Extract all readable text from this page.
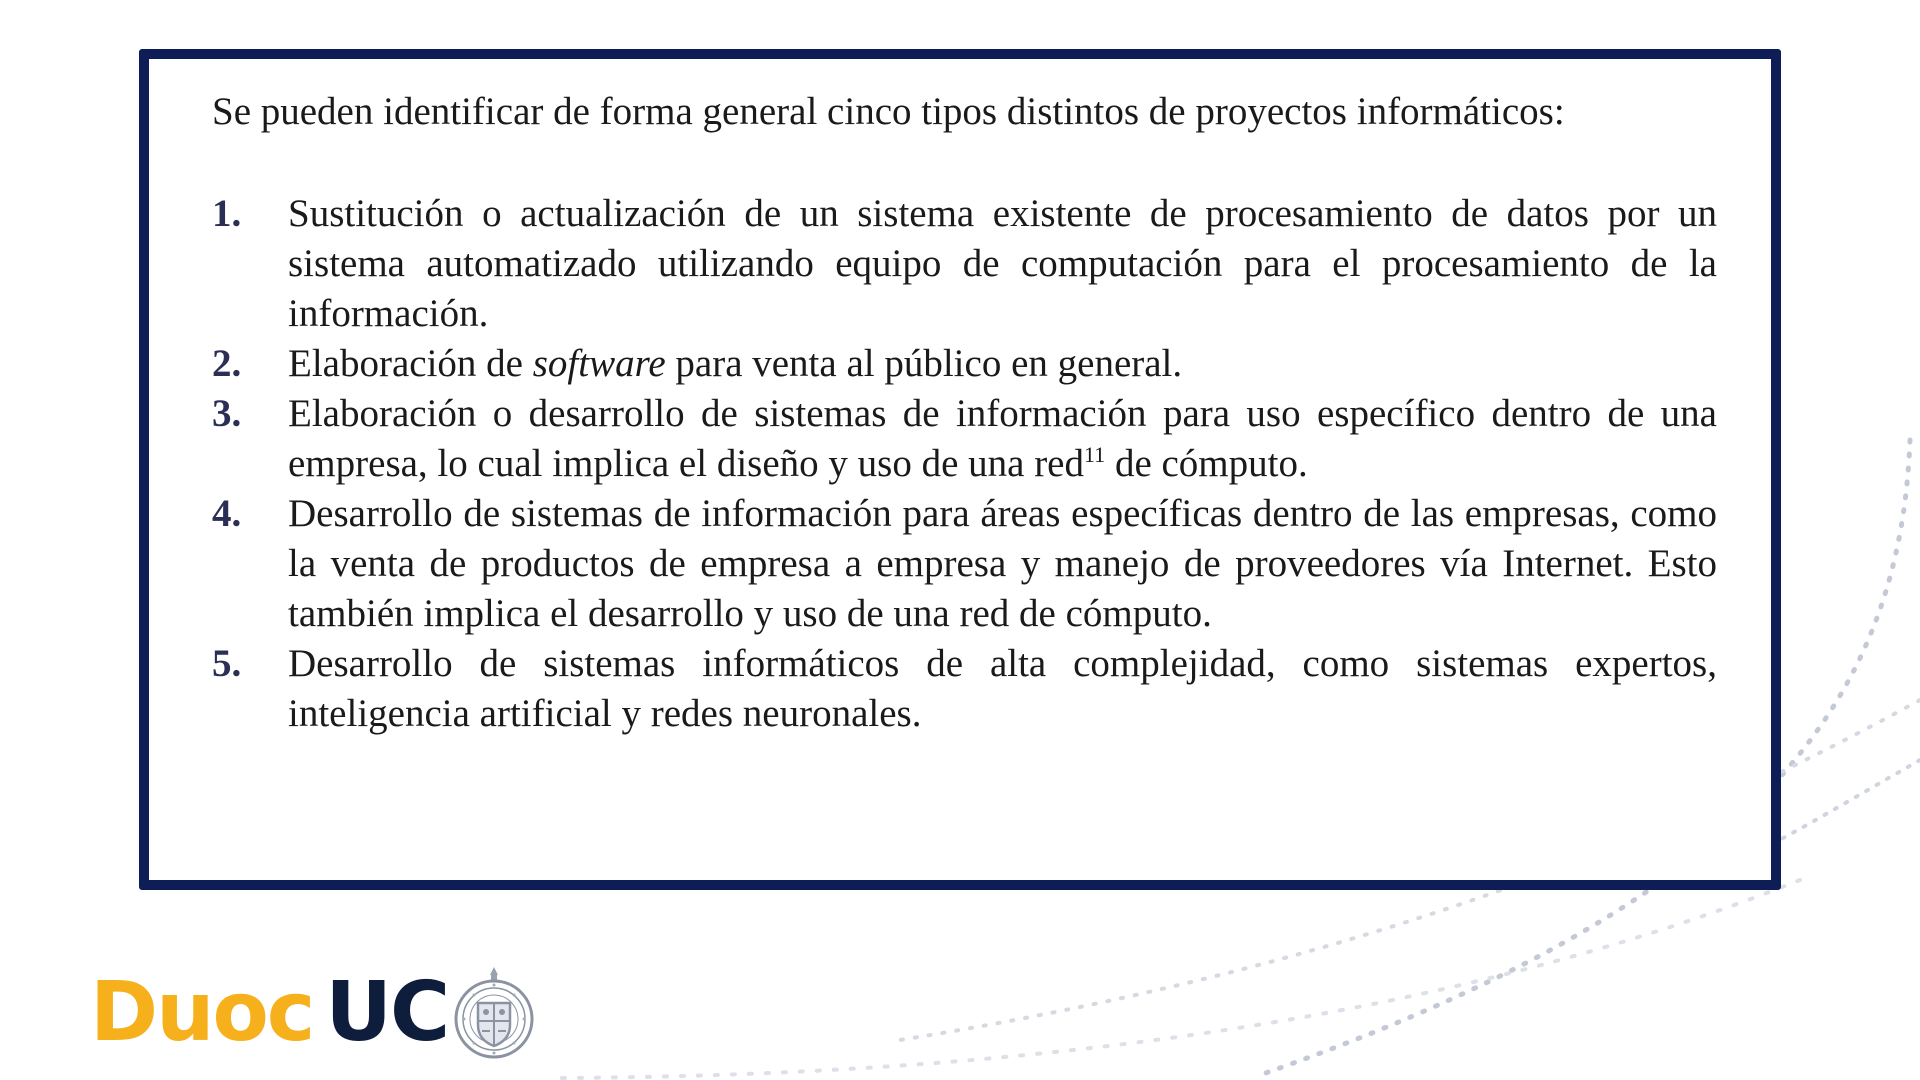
Se pueden identificar de forma general cinco tipos distintos de proyectos informáticos:

1.	Sustitución o actualización de un sistema existente de procesamiento de datos por un sistema automatizado utilizando equipo de computación para el procesamiento de la información.
2.	Elaboración de software para venta al público en general.
3.	Elaboración o desarrollo de sistemas de información para uso específico dentro de una empresa, lo cual implica el diseño y uso de una red$^{11}$ de cómputo.
4.	Desarrollo de sistemas de información para áreas específicas dentro de las empresas, como la venta de productos de empresa a empresa y manejo de proveedores vía Internet. Esto también implica el desarrollo y uso de una red de cómputo.
5.	Desarrollo de sistemas informáticos de alta complejidad, como sistemas expertos, inteligencia artificial y redes neuronales.
Duoc UC
